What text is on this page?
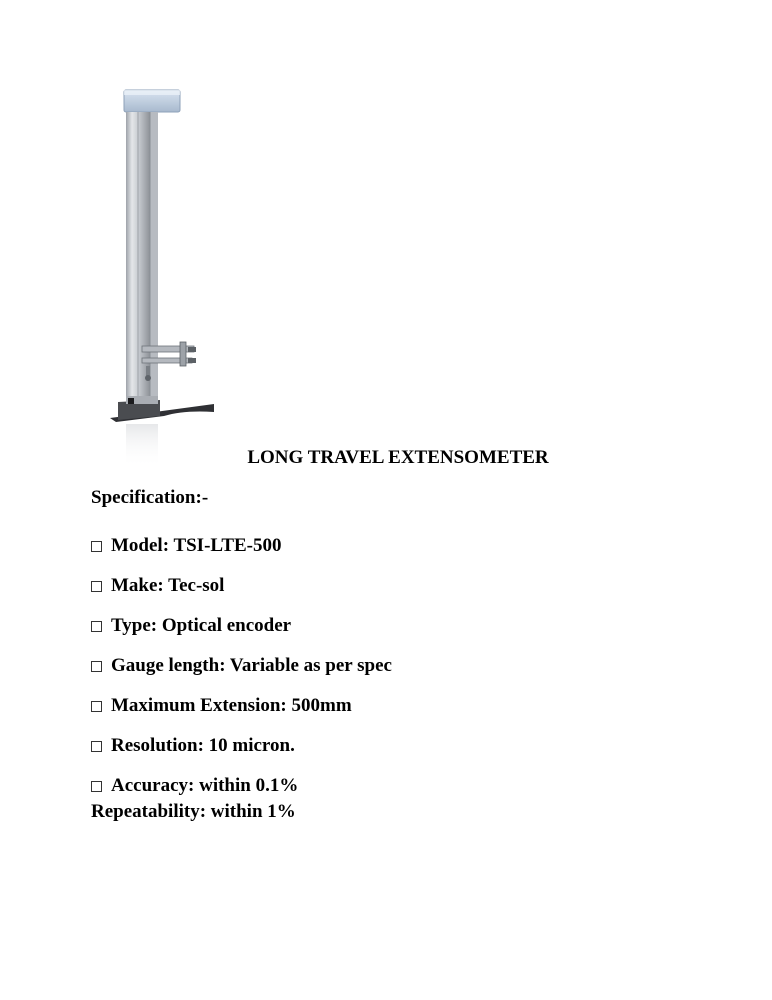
LONG TRAVEL EXTENSOMETER
Specification:-
Model: TSI-LTE-500
Make: Tec-sol
Type: Optical encoder
Gauge length: Variable as per spec
Maximum Extension: 500mm
Resolution: 10 micron.
Accuracy: within 0.1%
Repeatability: within 1%
